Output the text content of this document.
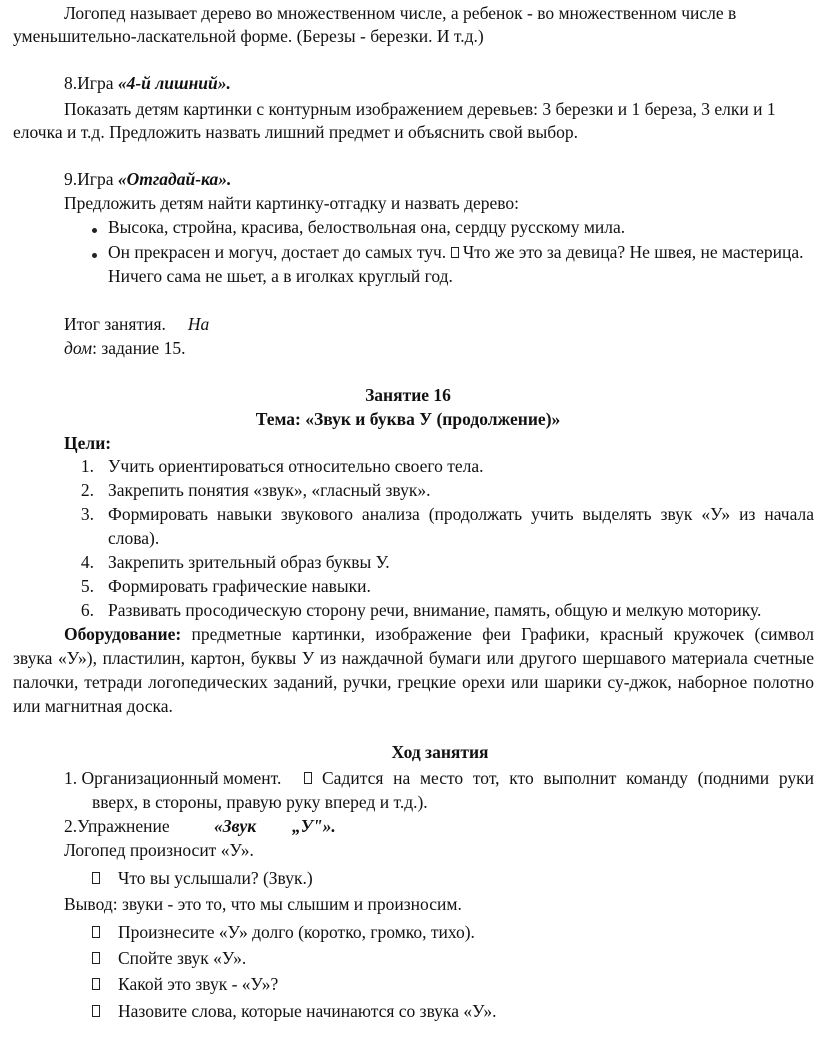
Логопед называет дерево во множественном числе, а ребенок - во множественном числе в
уменьшительно-ласкательной форме. (Березы - березки. И т.д.)
8.Игра «4-й лишний».
Показать детям картинки с контурным изображением деревьев: 3 березки и 1 береза, 3 елки и 1
елочка и т.д. Предложить назвать лишний предмет и объяснить свой выбор.
9.Игра «Отгадай-ка».
Предложить детям найти картинку-отгадку и назвать дерево:
Высока, стройна, красива, белоствольная она, сердцу русскому мила.
Он прекрасен и могуч, достает до самых туч. Что же это за девица? Не швея, не мастерица.
Ничего сама не шьет, а в иголках круглый год.
Итог занятия. На
дом: задание 15.
Занятие 16
Тема: «Звук и буква У (продолжение)»
Цели:
1. Учить ориентироваться относительно своего тела.
2. Закрепить понятия «звук», «гласный звук».
3. Формировать навыки звукового анализа (продолжать учить выделять звук «У» из начала
слова).
4. Закрепить зрительный образ буквы У.
5. Формировать графические навыки.
6. Развивать просодическую сторону речи, внимание, память, общую и мелкую моторику.
Оборудование: предметные картинки, изображение феи Графики, красный кружочек (символ
звука «У»), пластилин, картон, буквы У из наждачной бумаги или другого шершавого материала счетные
палочки, тетради логопедических заданий, ручки, грецкие орехи или шарики су-джок, наборное полотно
или магнитная доска.
Ход занятия
1. Организационный момент. Садится на место тот, кто выполнит команду (подними руки
вверх, в стороны, правую руку вперед и т.д.).
2.Упражнение	«Звук „У"».
Логопед произносит «У».
Что вы услышали? (Звук.)
Вывод: звуки - это то, что мы слышим и произносим.
Произнесите «У» долго (коротко, громко, тихо).
Спойте звук «У».
Какой это звук - «У»?
Назовите слова, которые начинаются со звука «У».
